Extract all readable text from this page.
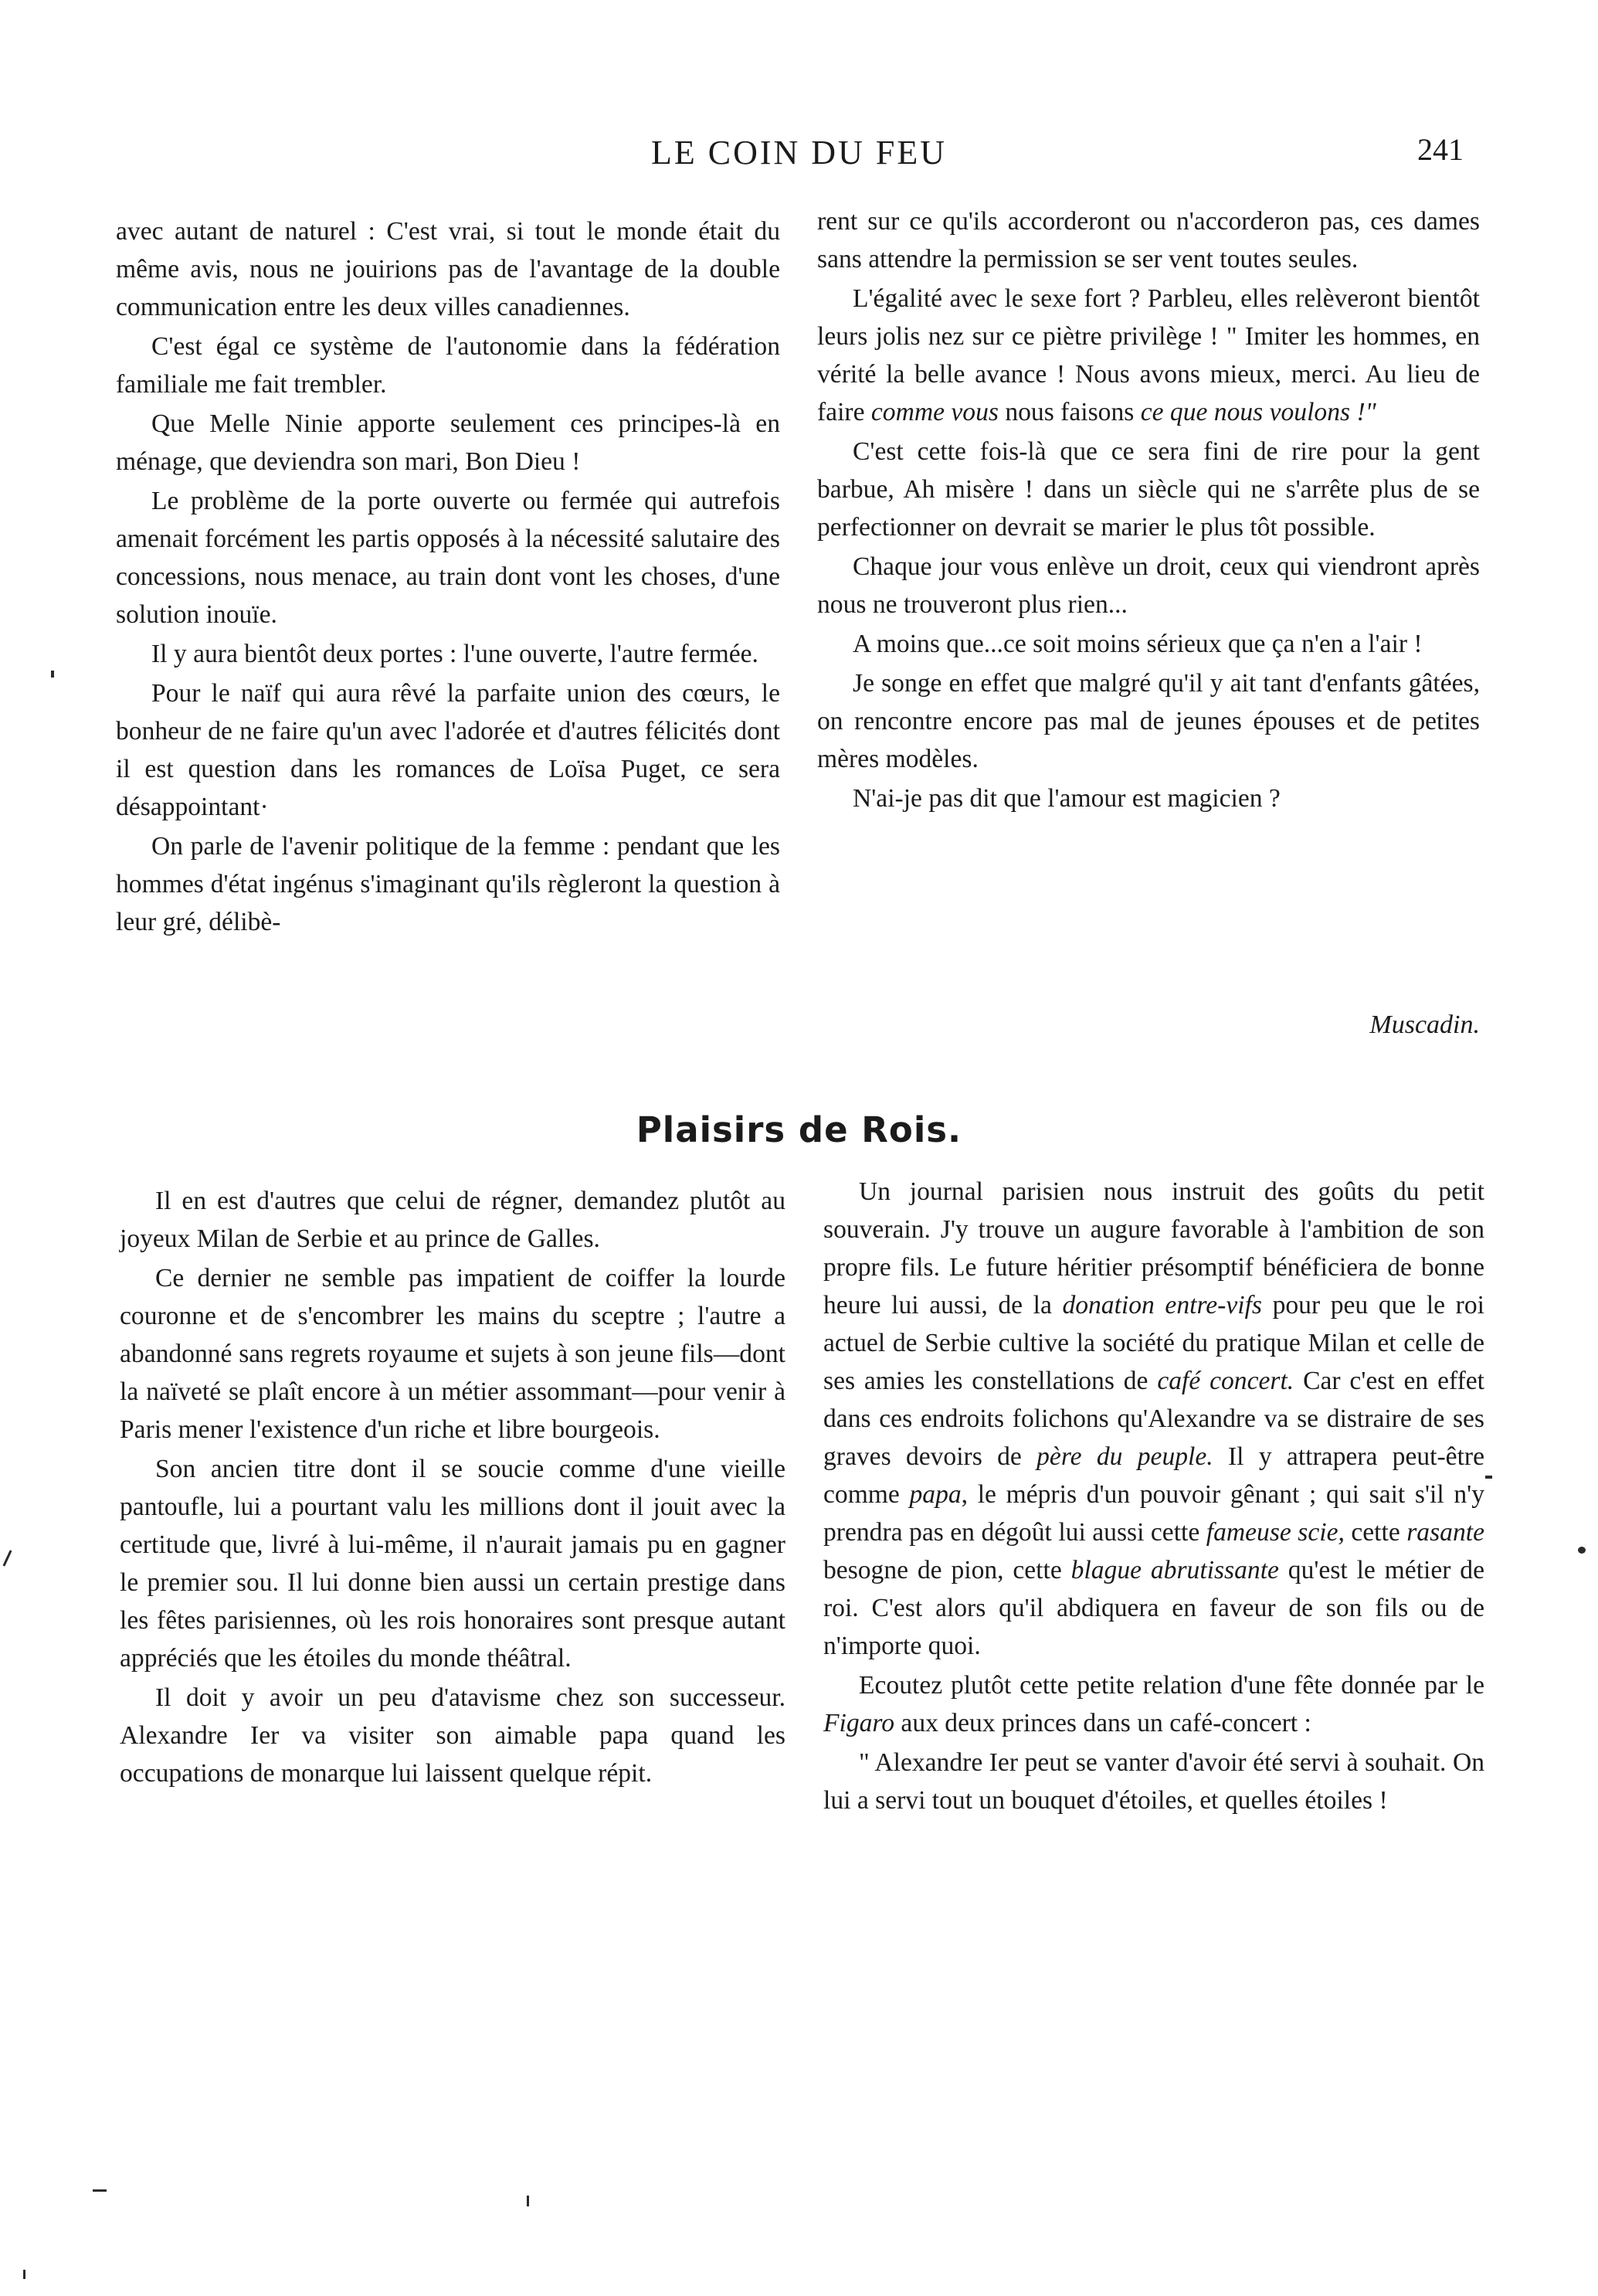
LE COIN DU FEU	241

avec autant de naturel : C'est vrai, si tout le monde était du même avis, nous ne jouirions pas de l'avantage de la double communication entre les deux villes canadiennes.

C'est égal ce système de l'autonomie dans la fédération familiale me fait trembler.

Que Melle Ninie apporte seulement ces principes-là en ménage, que deviendra son mari, Bon Dieu !

Le problème de la porte ouverte ou fermée qui autrefois amenait forcément les partis opposés à la nécessité salutaire des concessions, nous menace, au train dont vont les choses, d'une solution inouïe.

Il y aura bientôt deux portes : l'une ouverte, l'autre fermée.

Pour le naïf qui aura rêvé la parfaite union des cœurs, le bonheur de ne faire qu'un avec l'adorée et d'autres félicités dont il est question dans les romances de Loïsa Puget, ce sera désappointant·

On parle de l'avenir politique de la femme : pendant que les hommes d'état ingénus s'imaginant qu'ils règleront la question à leur gré, délibè-

rent sur ce qu'ils accorderont ou n'accorderon pas, ces dames sans attendre la permission se ser vent toutes seules.

L'égalité avec le sexe fort ? Parbleu, elles relèveront bientôt leurs jolis nez sur ce piètre privilège ! " Imiter les hommes, en vérité la belle avance ! Nous avons mieux, merci. Au lieu de faire comme vous nous faisons ce que nous voulons !"

C'est cette fois-là que ce sera fini de rire pour la gent barbue, Ah misère ! dans un siècle qui ne s'arrête plus de se perfectionner on devrait se marier le plus tôt possible.

Chaque jour vous enlève un droit, ceux qui viendront après nous ne trouveront plus rien...

A moins que...ce soit moins sérieux que ça n'en a l'air !

Je songe en effet que malgré qu'il y ait tant d'enfants gâtées, on rencontre encore pas mal de jeunes épouses et de petites mères modèles.

N'ai-je pas dit que l'amour est magicien ?

Muscadin.
Plaisirs de Rois.

Il en est d'autres que celui de régner, demandez plutôt au joyeux Milan de Serbie et au prince de Galles.

Ce dernier ne semble pas impatient de coiffer la lourde couronne et de s'encombrer les mains du sceptre ; l'autre a abandonné sans regrets royaume et sujets à son jeune fils—dont la naïveté se plaît encore à un métier assommant—pour venir à Paris mener l'existence d'un riche et libre bourgeois.

Son ancien titre dont il se soucie comme d'une vieille pantoufle, lui a pourtant valu les millions dont il jouit avec la certitude que, livré à lui-même, il n'aurait jamais pu en gagner le premier sou. Il lui donne bien aussi un certain prestige dans les fêtes parisiennes, où les rois honoraires sont presque autant appréciés que les étoiles du monde théâtral.

Il doit y avoir un peu d'atavisme chez son successeur. Alexandre Ier va visiter son aimable papa quand les occupations de monarque lui laissent quelque répit.

Un journal parisien nous instruit des goûts du petit souverain. J'y trouve un augure favorable à l'ambition de son propre fils. Le future héritier présomptif bénéficiera de bonne heure lui aussi, de la donation entre-vifs pour peu que le roi actuel de Serbie cultive la société du pratique Milan et celle de ses amies les constellations de café concert. Car c'est en effet dans ces endroits folichons qu'Alexandre va se distraire de ses graves devoirs de père du peuple. Il y attrapera peut-être comme papa, le mépris d'un pouvoir gênant ; qui sait s'il n'y prendra pas en dégoût lui aussi cette fameuse scie, cette rasante besogne de pion, cette blague abrutissante qu'est le métier de roi. C'est alors qu'il abdiquera en faveur de son fils ou de n'importe quoi.

Ecoutez plutôt cette petite relation d'une fête donnée par le Figaro aux deux princes dans un café-concert :

" Alexandre Ier peut se vanter d'avoir été servi à souhait. On lui a servi tout un bouquet d'étoiles, et quelles étoiles !
